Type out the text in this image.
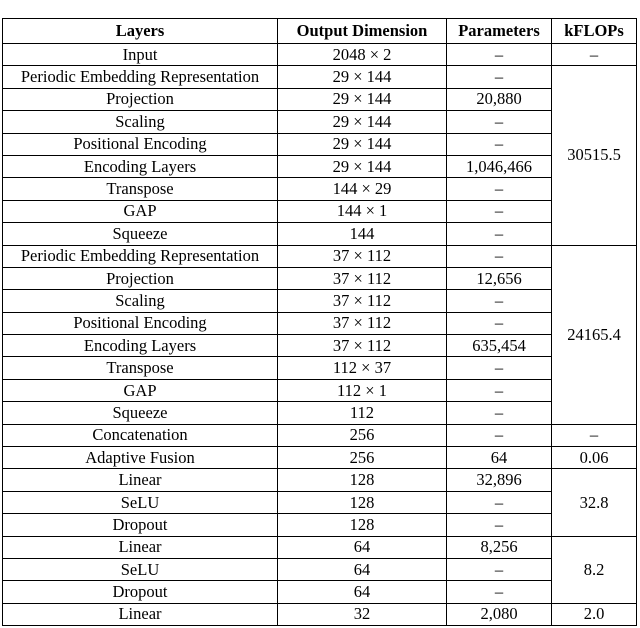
Layers	Output Dimension	Parameters	kFLOPs
Input	2048 × 2	–	–
Periodic Embedding Representation	29 × 144	–	30515.5
Projection	29 × 144	20,880	
Scaling	29 × 144	–	
Positional Encoding	29 × 144	–	
Encoding Layers	29 × 144	1,046,466	
Transpose	144 × 29	–	
GAP	144 × 1	–	
Squeeze	144	–	
Periodic Embedding Representation	37 × 112	–	24165.4
Projection	37 × 112	12,656	
Scaling	37 × 112	–	
Positional Encoding	37 × 112	–	
Encoding Layers	37 × 112	635,454	
Transpose	112 × 37	–	
GAP	112 × 1	–	
Squeeze	112	–	
Concatenation	256	–	–
Adaptive Fusion	256	64	0.06
Linear	128	32,896	32.8
SeLU	128	–	
Dropout	128	–	
Linear	64	8,256	8.2
SeLU	64	–	
Dropout	64	–	
Linear	32	2,080	2.0
